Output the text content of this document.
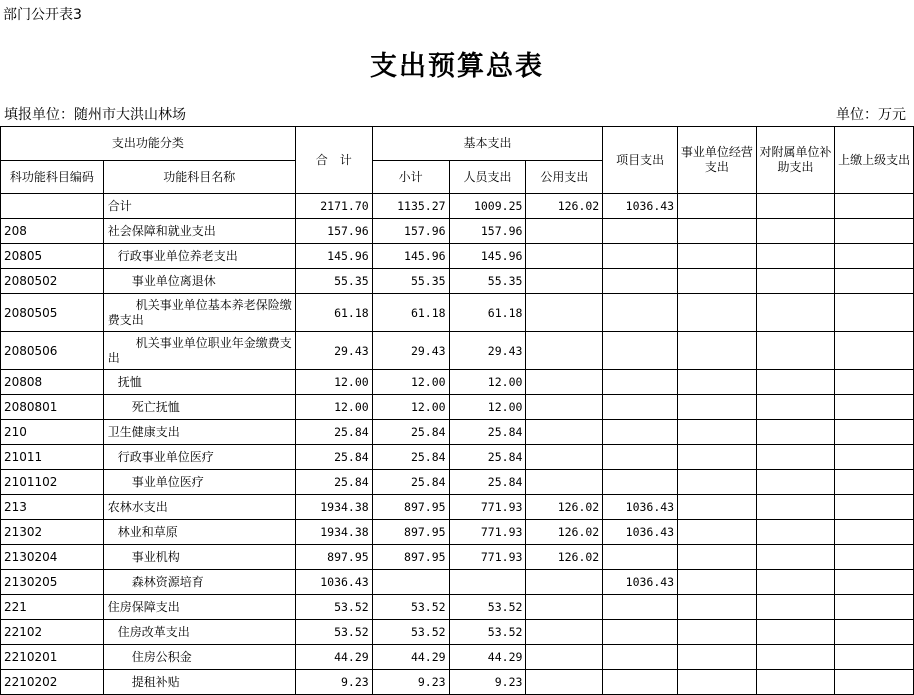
部门公开表3
支出预算总表
填报单位：随州市大洪山林场	单位：万元
支出功能分类		合　计	基本支出			项目支出	事业单位经营支出	对附属单位补助支出	上缴上级支出
科功能科目编码	功能科目名称		小计	人员支出	公用支出				
	合计	2171.70	1135.27	1009.25	126.02	1036.43			
208	社会保障和就业支出	157.96	157.96	157.96					
20805	行政事业单位养老支出	145.96	145.96	145.96					
2080502	事业单位离退休	55.35	55.35	55.35					
2080505	机关事业单位基本养老保险缴费支出	61.18	61.18	61.18					
2080506	机关事业单位职业年金缴费支出	29.43	29.43	29.43					
20808	抚恤	12.00	12.00	12.00					
2080801	死亡抚恤	12.00	12.00	12.00					
210	卫生健康支出	25.84	25.84	25.84					
21011	行政事业单位医疗	25.84	25.84	25.84					
2101102	事业单位医疗	25.84	25.84	25.84					
213	农林水支出	1934.38	897.95	771.93	126.02	1036.43			
21302	林业和草原	1934.38	897.95	771.93	126.02	1036.43			
2130204	事业机构	897.95	897.95	771.93	126.02				
2130205	森林资源培育	1036.43				1036.43			
221	住房保障支出	53.52	53.52	53.52					
22102	住房改革支出	53.52	53.52	53.52					
2210201	住房公积金	44.29	44.29	44.29					
2210202	提租补贴	9.23	9.23	9.23					
